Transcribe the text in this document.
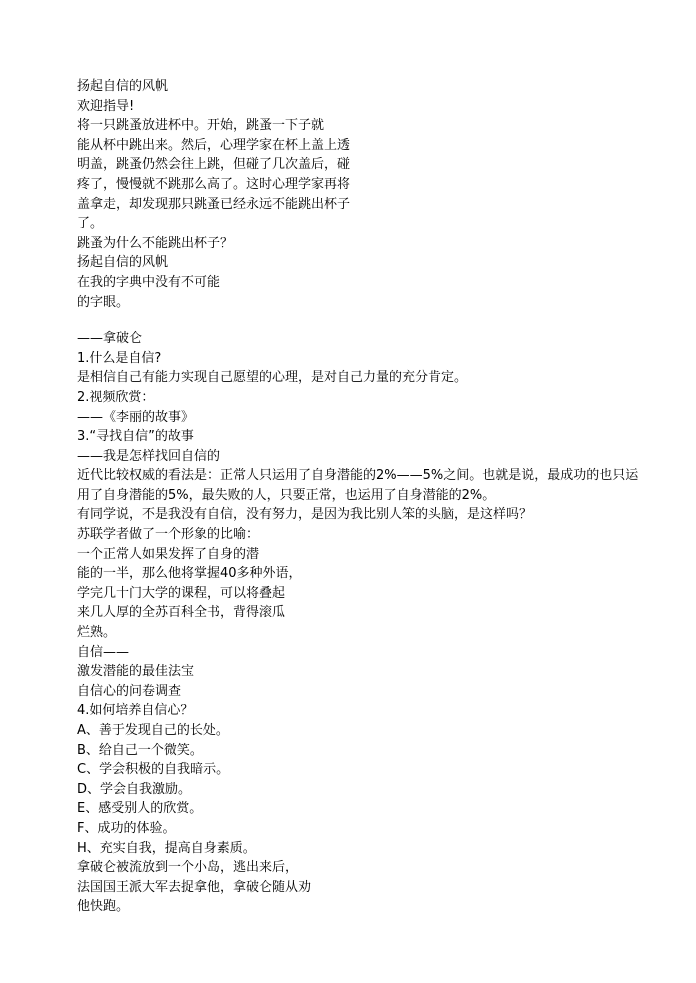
扬起自信的风帆
欢迎指导!
将一只跳蚤放进杯中。开始，跳蚤一下子就
能从杯中跳出来。然后，心理学家在杯上盖上透
明盖，跳蚤仍然会往上跳，但碰了几次盖后，碰
疼了，慢慢就不跳那么高了。这时心理学家再将
盖拿走，却发现那只跳蚤已经永远不能跳出杯子
了。
跳蚤为什么不能跳出杯子？
扬起自信的风帆
在我的字典中没有不可能
的字眼。
——拿破仑
1.什么是自信?
是相信自己有能力实现自己愿望的心理，是对自己力量的充分肯定。
2.视频欣赏：
——《李丽的故事》
3.“寻找自信”的故事
——我是怎样找回自信的
近代比较权威的看法是：正常人只运用了自身潜能的2%——5%之间。也就是说，最成功的也只运
用了自身潜能的5%，最失败的人，只要正常，也运用了自身潜能的2%。
有同学说，不是我没有自信，没有努力，是因为我比别人笨的头脑，是这样吗？
苏联学者做了一个形象的比喻：
一个正常人如果发挥了自身的潜
能的一半，那么他将掌握40多种外语，
学完几十门大学的课程，可以将叠起
来几人厚的全苏百科全书，背得滚瓜
烂熟。
自信——
激发潜能的最佳法宝
自信心的问卷调查
4.如何培养自信心？
A、善于发现自己的长处。
B、给自己一个微笑。
C、学会积极的自我暗示。
D、学会自我激励。
E、感受别人的欣赏。
F、成功的体验。
H、充实自我，提高自身素质。
拿破仑被流放到一个小岛，逃出来后，
法国国王派大军去捉拿他，拿破仑随从劝
他快跑。
